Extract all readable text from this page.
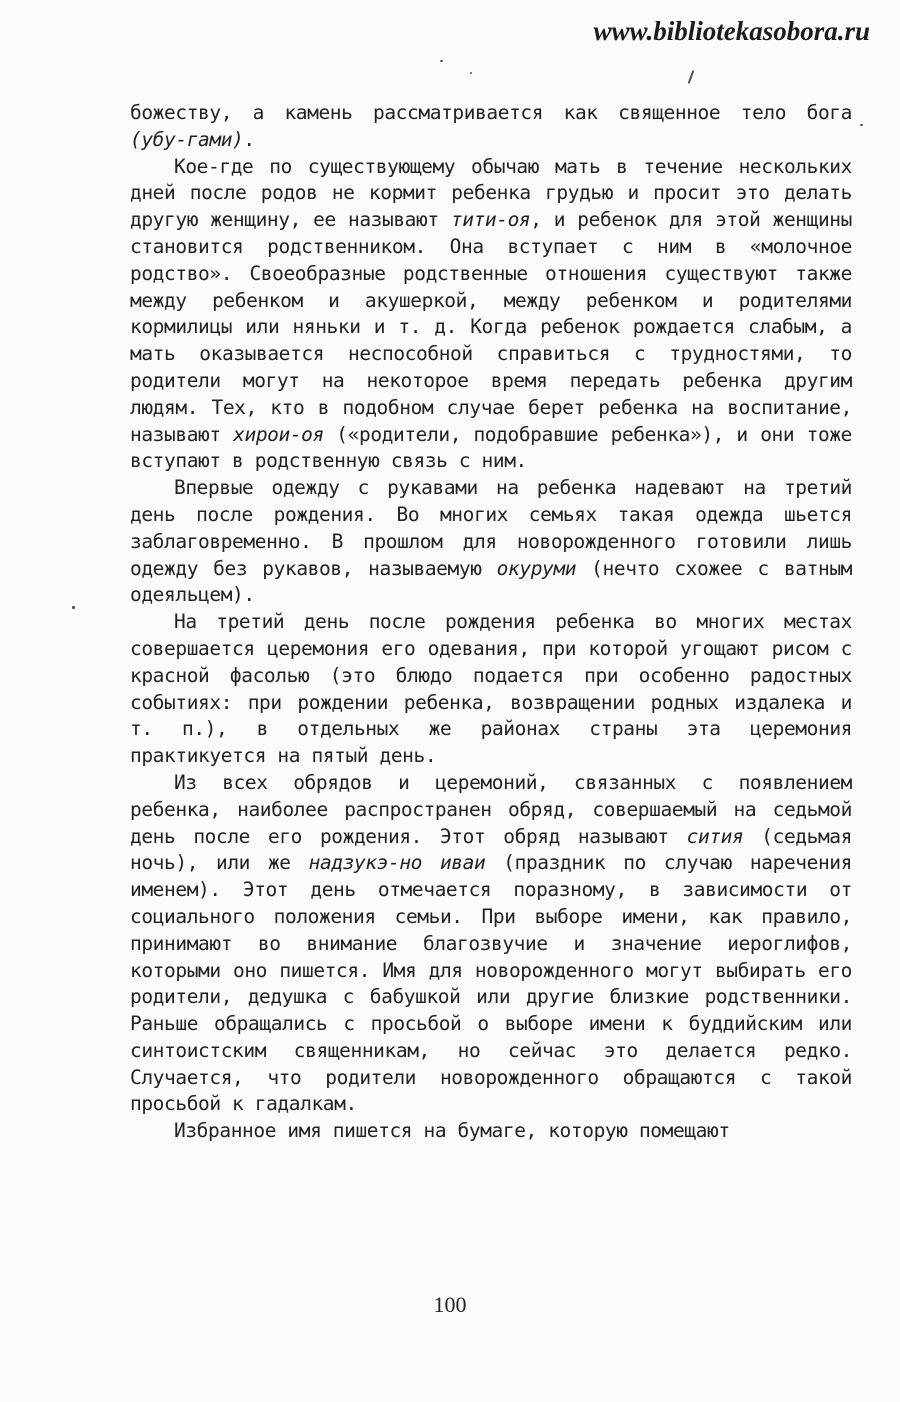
www.bibliotekasobora.ru

божеству, а камень рассматривается как священное тело бога (убу-гами).

Кое-где по существующему обычаю мать в течение нескольких дней после родов не кормит ребенка грудью и просит это делать другую женщину, ее называют тити-оя, и ребенок для этой женщины становится родственником. Она вступает с ним в «молочное родство». Своеобразные родственные отношения существуют также между ребенком и акушеркой, между ребенком и родителями кормилицы или няньки и т. д. Когда ребенок рождается слабым, а мать оказывается неспособной справиться с трудностями, то родители могут на некоторое время передать ребенка другим людям. Тех, кто в подобном случае берет ребенка на воспитание, называют хирои-оя («родители, подобравшие ребенка»), и они тоже вступают в родственную связь с ним.

Впервые одежду с рукавами на ребенка надевают на третий день после рождения. Во многих семьях такая одежда шьется заблаговременно. В прошлом для новорожденного готовили лишь одежду без рукавов, называемую окуруми (нечто схожее с ватным одеяльцем).

На третий день после рождения ребенка во многих местах совершается церемония его одевания, при которой угощают рисом с красной фасолью (это блюдо подается при особенно радостных событиях: при рождении ребенка, возвращении родных издалека и т. п.), в отдельных же районах страны эта церемония практикуется на пятый день.

Из всех обрядов и церемоний, связанных с появлением ребенка, наиболее распространен обряд, совершаемый на седьмой день после его рождения. Этот обряд называют сития (седьмая ночь), или же надзукэ-но иваи (праздник по случаю наречения именем). Этот день отмечается поразному, в зависимости от социального положения семьи. При выборе имени, как правило, принимают во внимание благозвучие и значение иероглифов, которыми оно пишется. Имя для новорожденного могут выбирать его родители, дедушка с бабушкой или другие близкие родственники. Раньше обращались с просьбой о выборе имени к буддийским или синтоистским священникам, но сейчас это делается редко. Случается, что родители новорожденного обращаются с такой просьбой к гадалкам.

Избранное имя пишется на бумаге, которую помещают

100
